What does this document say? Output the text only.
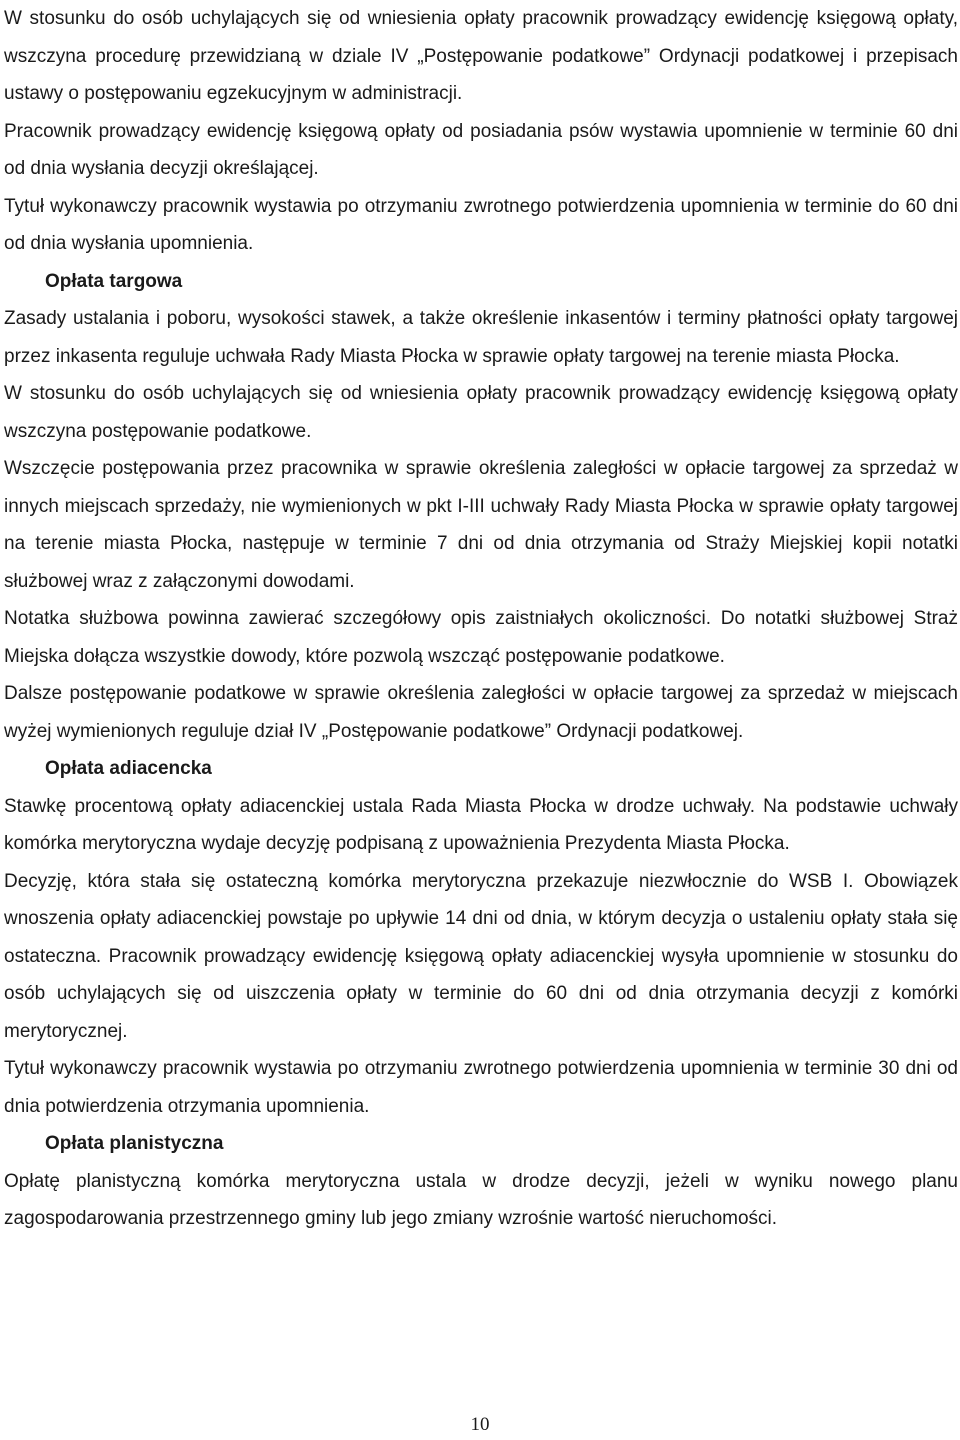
W stosunku do osób uchylających się od wniesienia opłaty pracownik prowadzący ewidencję księgową opłaty, wszczyna procedurę przewidzianą w dziale IV „Postępowanie podatkowe” Ordynacji podatkowej i przepisach ustawy o postępowaniu egzekucyjnym w administracji.

Pracownik prowadzący ewidencję księgową opłaty od posiadania psów wystawia upomnienie w terminie 60 dni od dnia wysłania decyzji określającej.

Tytuł wykonawczy pracownik wystawia po otrzymaniu zwrotnego potwierdzenia upomnienia w terminie do 60 dni od dnia wysłania upomnienia.

Opłata targowa

Zasady ustalania i poboru, wysokości stawek, a także określenie inkasentów i terminy płatności opłaty targowej przez inkasenta reguluje uchwała Rady Miasta Płocka w sprawie opłaty targowej na terenie miasta Płocka.

W stosunku do osób uchylających się od wniesienia opłaty pracownik prowadzący ewidencję księgową opłaty wszczyna postępowanie podatkowe.

Wszczęcie postępowania przez pracownika w sprawie określenia zaległości w opłacie targowej za sprzedaż w innych miejscach sprzedaży, nie wymienionych w pkt I-III uchwały Rady Miasta Płocka w sprawie opłaty targowej na terenie miasta Płocka, następuje w terminie 7 dni od dnia otrzymania od Straży Miejskiej kopii notatki służbowej wraz z załączonymi dowodami.

Notatka służbowa powinna zawierać szczegółowy opis zaistniałych okoliczności. Do notatki służbowej Straż Miejska dołącza wszystkie dowody, które pozwolą wszcząć postępowanie podatkowe.

Dalsze postępowanie podatkowe w sprawie określenia zaległości w opłacie targowej za sprzedaż w miejscach wyżej wymienionych reguluje dział IV „Postępowanie podatkowe” Ordynacji podatkowej.

Opłata adiacencka

Stawkę procentową opłaty adiacenckiej ustala Rada Miasta Płocka w drodze uchwały. Na podstawie uchwały komórka merytoryczna wydaje decyzję podpisaną z upoważnienia Prezydenta Miasta Płocka.

Decyzję, która stała się ostateczną komórka merytoryczna przekazuje niezwłocznie do WSB I. Obowiązek wnoszenia opłaty adiacenckiej powstaje po upływie 14 dni od dnia, w którym decyzja o ustaleniu opłaty stała się ostateczna. Pracownik prowadzący ewidencję księgową opłaty adiacenckiej wysyła upomnienie w stosunku do osób uchylających się od uiszczenia opłaty w terminie do 60 dni od dnia otrzymania decyzji z komórki merytorycznej.

Tytuł wykonawczy pracownik wystawia po otrzymaniu zwrotnego potwierdzenia upomnienia w terminie 30 dni od dnia potwierdzenia otrzymania upomnienia.

Opłata planistyczna

Opłatę planistyczną komórka merytoryczna ustala w drodze decyzji, jeżeli w wyniku nowego planu zagospodarowania przestrzennego gminy lub jego zmiany wzrośnie wartość nieruchomości.

10
